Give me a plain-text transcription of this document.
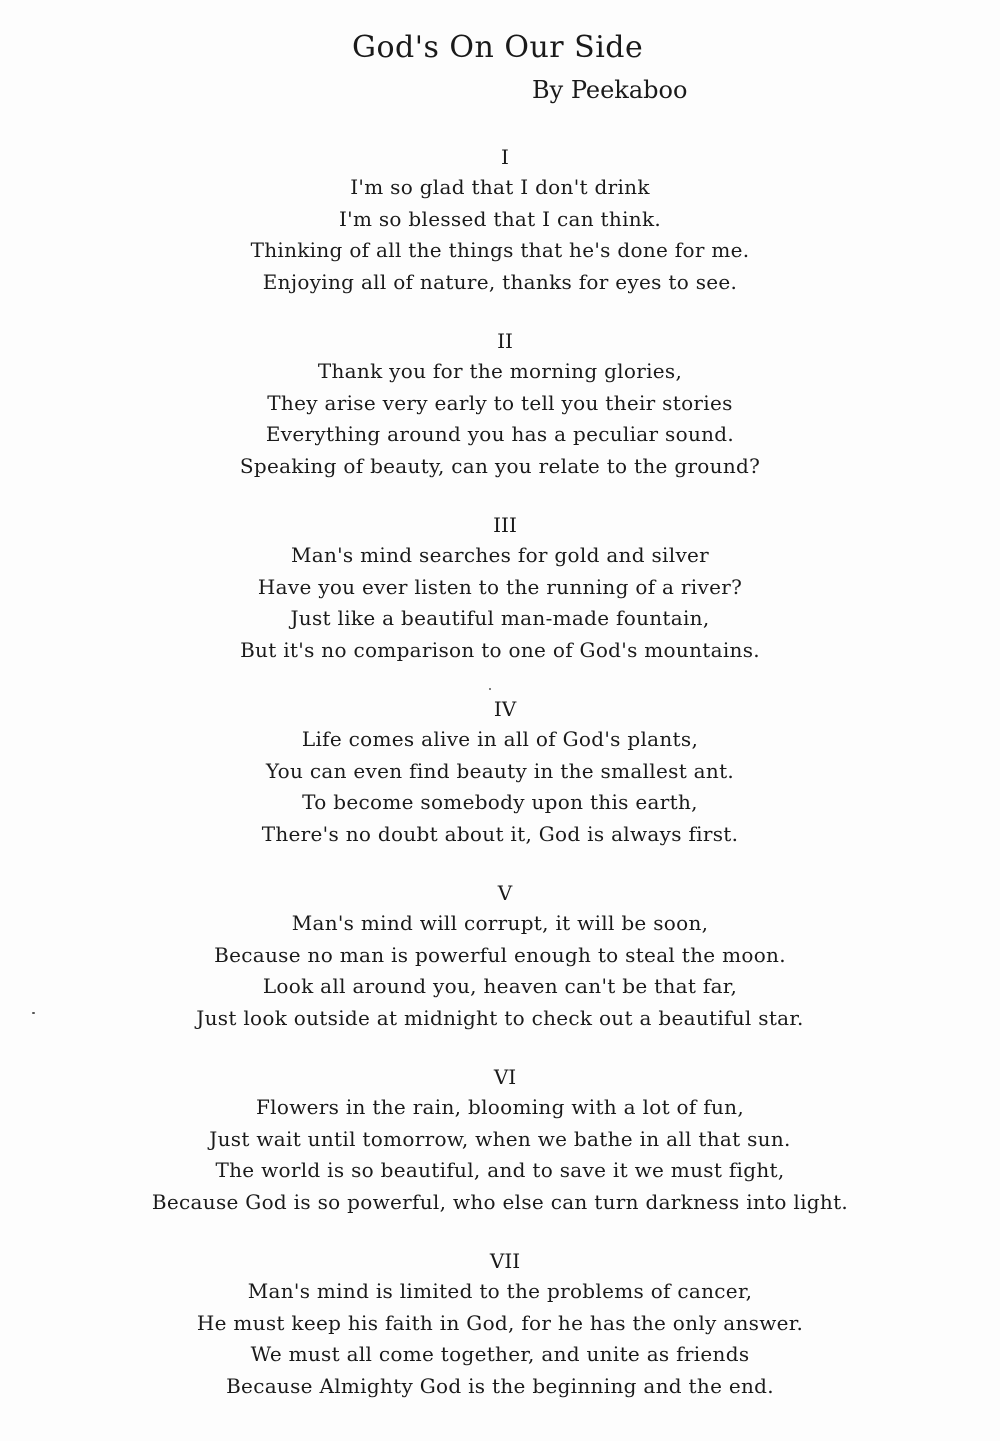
God's On Our Side

By Peekaboo

I
I'm so glad that I don't drink
I'm so blessed that I can think.
Thinking of all the things that he's done for me.
Enjoying all of nature, thanks for eyes to see.
II
Thank you for the morning glories,
They arise very early to tell you their stories
Everything around you has a peculiar sound.
Speaking of beauty, can you relate to the ground?
III
Man's mind searches for gold and silver
Have you ever listen to the running of a river?
Just like a beautiful man-made fountain,
But it's no comparison to one of God's mountains.
IV
Life comes alive in all of God's plants,
You can even find beauty in the smallest ant.
To become somebody upon this earth,
There's no doubt about it, God is always first.
V
Man's mind will corrupt, it will be soon,
Because no man is powerful enough to steal the moon.
Look all around you, heaven can't be that far,
Just look outside at midnight to check out a beautiful star.
VI
Flowers in the rain, blooming with a lot of fun,
Just wait until tomorrow, when we bathe in all that sun.
The world is so beautiful, and to save it we must fight,
Because God is so powerful, who else can turn darkness into light.
VII
Man's mind is limited to the problems of cancer,
He must keep his faith in God, for he has the only answer.
We must all come together, and unite as friends
Because Almighty God is the beginning and the end.
